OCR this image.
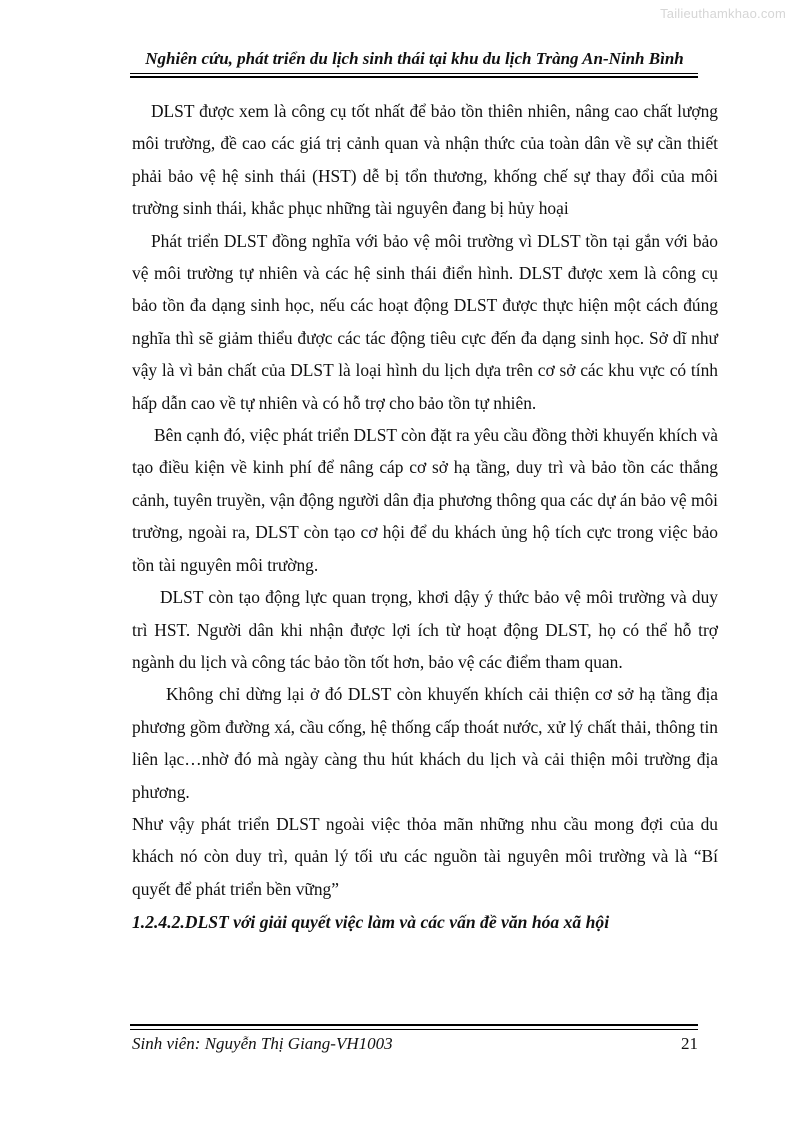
Tailieuthamkhao.com
Nghiên cứu, phát triển du lịch sinh thái tại khu du lịch Tràng An-Ninh Bình

DLST được xem là công cụ tốt nhất để bảo tồn thiên nhiên, nâng cao chất lượng môi trường, đề cao các giá trị cảnh quan và nhận thức của toàn dân về sự cần thiết phải bảo vệ hệ sinh thái (HST) dễ bị tổn thương, khống chế sự thay đổi của môi trường sinh thái, khắc phục những tài nguyên đang bị hủy hoại

Phát triển DLST đồng nghĩa với bảo vệ môi trường vì DLST tồn tại gắn với bảo vệ môi trường tự nhiên và các hệ sinh thái điển hình. DLST được xem là công cụ bảo tồn đa dạng sinh học, nếu các hoạt động DLST được thực hiện một cách đúng nghĩa thì sẽ giảm thiểu được các tác động tiêu cực đến đa dạng sinh học. Sở dĩ như vậy là vì bản chất của DLST là loại hình du lịch dựa trên cơ sở các khu vực có tính hấp dẫn cao về tự nhiên và có hỗ trợ cho bảo tồn tự nhiên.

Bên cạnh đó, việc phát triển DLST còn đặt ra yêu cầu đồng thời khuyến khích và tạo điều kiện về kinh phí để nâng cáp cơ sở hạ tầng, duy trì và bảo tồn các thắng cảnh, tuyên truyền, vận động người dân địa phương thông qua các dự án bảo vệ môi trường, ngoài ra, DLST còn tạo cơ hội để du khách ủng hộ tích cực trong việc bảo tồn tài nguyên môi trường.

DLST còn tạo động lực quan trọng, khơi dậy ý thức bảo vệ môi trường và duy trì HST. Người dân khi nhận được lợi ích từ hoạt động DLST, họ có thể hỗ trợ ngành du lịch và công tác bảo tồn tốt hơn, bảo vệ các điểm tham quan.

Không chỉ dừng lại ở đó DLST còn khuyến khích cải thiện cơ sở hạ tầng địa phương gồm đường xá, cầu cống, hệ thống cấp thoát nước, xử lý chất thải, thông tin liên lạc…nhờ đó mà ngày càng thu hút khách du lịch và cải thiện môi trường địa phương.

Như vậy phát triển DLST ngoài việc thỏa mãn những nhu cầu mong đợi của du khách nó còn duy trì, quản lý tối ưu các nguồn tài nguyên môi trường và là “Bí quyết để phát triển bền vững”

1.2.4.2.DLST với giải quyết việc làm và các vấn đề văn hóa xã hội

Sinh viên: Nguyễn Thị Giang-VH1003	21
